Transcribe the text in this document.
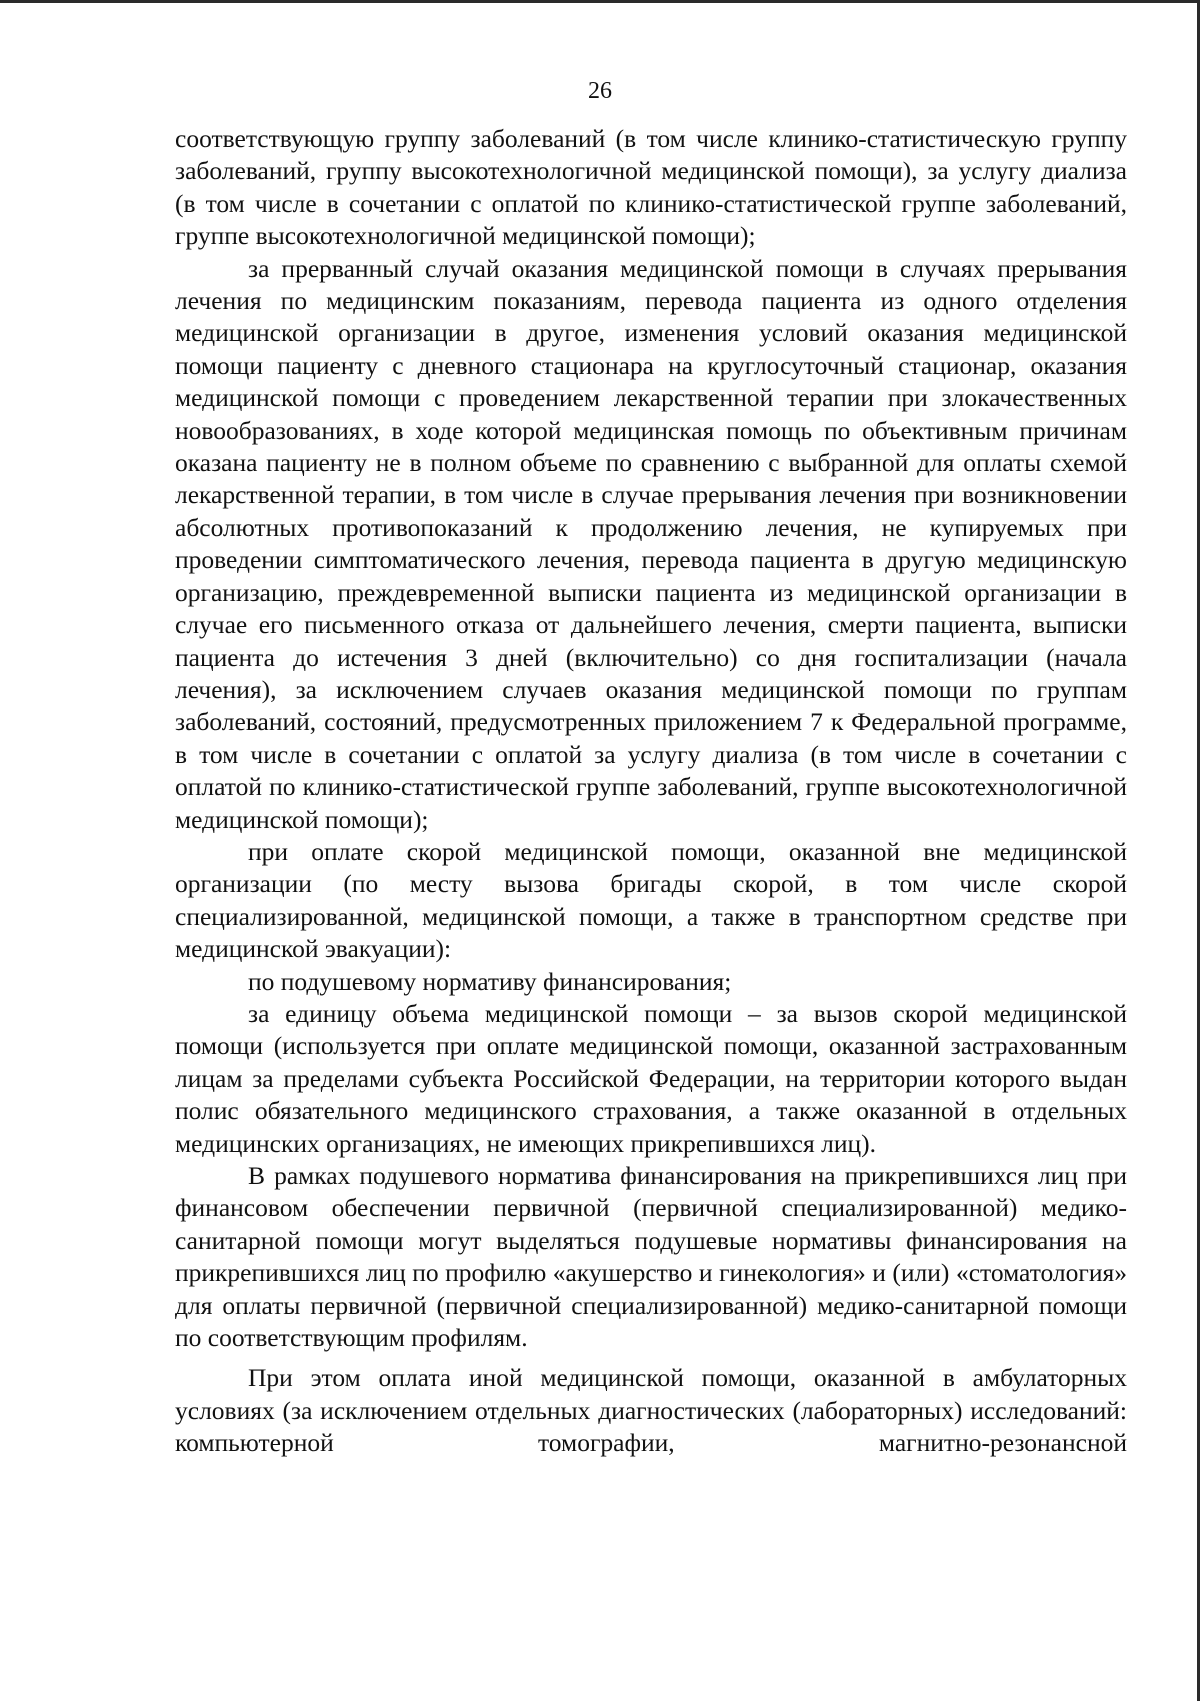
26

соответствующую группу заболеваний (в том числе клинико-статистическую группу заболеваний, группу высокотехнологичной медицинской помощи), за услугу диализа (в том числе в сочетании с оплатой по клинико-статистической группе заболеваний, группе высокотехнологичной медицинской помощи);

за прерванный случай оказания медицинской помощи в случаях прерывания лечения по медицинским показаниям, перевода пациента из одного отделения медицинской организации в другое, изменения условий оказания медицинской помощи пациенту с дневного стационара на круглосуточный стационар, оказания медицинской помощи с проведением лекарственной терапии при злокачественных новообразованиях, в ходе которой медицинская помощь по объективным причинам оказана пациенту не в полном объеме по сравнению с выбранной для оплаты схемой лекарственной терапии, в том числе в случае прерывания лечения при возникновении абсолютных противопоказаний к продолжению лечения, не купируемых при проведении симптоматического лечения, перевода пациента в другую медицинскую организацию, преждевременной выписки пациента из медицинской организации в случае его письменного отказа от дальнейшего лечения, смерти пациента, выписки пациента до истечения 3 дней (включительно) со дня госпитализации (начала лечения), за исключением случаев оказания медицинской помощи по группам заболеваний, состояний, предусмотренных приложением 7 к Федеральной программе, в том числе в сочетании с оплатой за услугу диализа (в том числе в сочетании с оплатой по клинико-статистической группе заболеваний, группе высокотехнологичной медицинской помощи);

при оплате скорой медицинской помощи, оказанной вне медицинской организации (по месту вызова бригады скорой, в том числе скорой специализированной, медицинской помощи, а также в транспортном средстве при медицинской эвакуации):

по подушевому нормативу финансирования;

за единицу объема медицинской помощи – за вызов скорой медицинской помощи (используется при оплате медицинской помощи, оказанной застрахованным лицам за пределами субъекта Российской Федерации, на территории которого выдан полис обязательного медицинского страхования, а также оказанной в отдельных медицинских организациях, не имеющих прикрепившихся лиц).

В рамках подушевого норматива финансирования на прикрепившихся лиц при финансовом обеспечении первичной (первичной специализированной) медико-санитарной помощи могут выделяться подушевые нормативы финансирования на прикрепившихся лиц по профилю «акушерство и гинекология» и (или) «стоматология» для оплаты первичной (первичной специализированной) медико-санитарной помощи по соответствующим профилям.

При этом оплата иной медицинской помощи, оказанной в амбулаторных условиях (за исключением отдельных диагностических (лабораторных) исследований: компьютерной томографии, магнитно-резонансной
